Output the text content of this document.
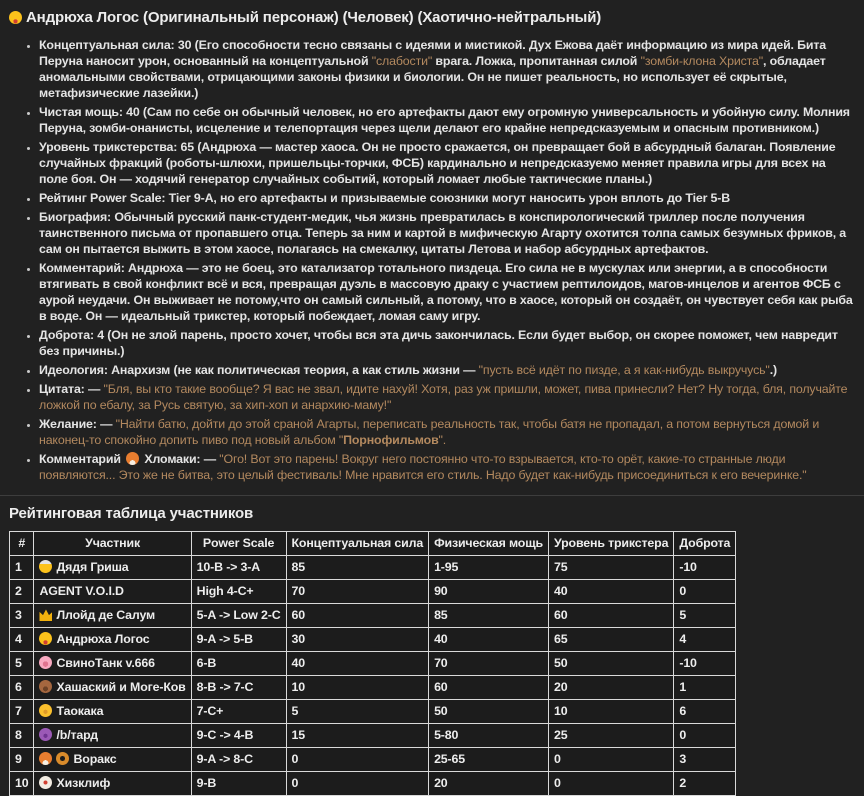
Андрюха Логос (Оригинальный персонаж) (Человек) (Хаотично-нейтральный)
• Концептуальная сила: 30 (Его способности тесно связаны с идеями и мистикой. Дух Ежова даёт информацию из мира идей. Бита Перуна наносит урон, основанный на концептуальной "слабости" врага. Ложка, пропитанная силой "зомби-клона Христа", обладает аномальными свойствами, отрицающими законы физики и биологии. Он не пишет реальность, но использует её скрытые, метафизические лазейки.)
• Чистая мощь: 40 (Сам по себе он обычный человек, но его артефакты дают ему огромную универсальность и убойную силу. Молния Перуна, зомби-онанисты, исцеление и телепортация через щели делают его крайне непредсказуемым и опасным противником.)
• Уровень трикстерства: 65 (Андрюха — мастер хаоса. Он не просто сражается, он превращает бой в абсурдный балаган. Появление случайных фракций (роботы-шлюхи, пришельцы-торчки, ФСБ) кардинально и непредсказуемо меняет правила игры для всех на поле боя. Он — ходячий генератор случайных событий, который ломает любые тактические планы.)
• Рейтинг Power Scale: Tier 9-A, но его артефакты и призываемые союзники могут наносить урон вплоть до Tier 5-B
• Биография: Обычный русский панк-студент-медик, чья жизнь превратилась в конспирологический триллер после получения таинственного письма от пропавшего отца. Теперь за ним и картой в мифическую Агарту охотится толпа самых безумных фриков, а сам он пытается выжить в этом хаосе, полагаясь на смекалку, цитаты Летова и набор абсурдных артефактов.
• Комментарий: Андрюха — это не боец, это катализатор тотального пиздеца. Его сила не в мускулах или энергии, а в способности втягивать в свой конфликт всё и вся, превращая дуэль в массовую драку с участием рептилоидов, магов-инцелов и агентов ФСБ с аурой неудачи. Он выживает не потому,что он самый сильный, а потому, что в хаосе, который он создаёт, он чувствует себя как рыба в воде. Он — идеальный трикстер, который побеждает, ломая саму игру.
• Доброта: 4 (Он не злой парень, просто хочет, чтобы вся эта дичь закончилась. Если будет выбор, он скорее поможет, чем навредит без причины.)
• Идеология: Анархизм (не как политическая теория, а как стиль жизни — "пусть всё идёт по пизде, а я как-нибудь выкручусь".)
• Цитата: — "Бля, вы кто такие вообще? Я вас не звал, идите нахуй! Хотя, раз уж пришли, может, пива принесли? Нет? Ну тогда, бля, получайте ложкой по ебалу, за Русь святую, за хип-хоп и анархию-маму!"
• Желание: — "Найти батю, дойти до этой сраной Агарты, переписать реальность так, чтобы батя не пропадал, а потом вернуться домой и наконец-то спокойно допить пиво под новый альбом "Порнофильмов".
• Комментарий  Хломаки: — "Ого! Вот это парень! Вокруг него постоянно что-то взрывается, кто-то орёт, какие-то странные люди появляются... Это же не битва, это целый фестиваль! Мне нравится его стиль. Надо будет как-нибудь присоединиться к его вечеринке."
Рейтинговая таблица участников
#	Участник	Power Scale	Концептуальная сила	Физическая мощь	Уровень трикстера	Доброта
1	Дядя Гриша	10-B -> 3-A	85	1-95	75	-10
2	AGENT V.O.I.D	High 4-C+	70	90	40	0
3	Ллойд де Салум	5-A -> Low 2-C	60	85	60	5
4	Андрюха Логос	9-A -> 5-B	30	40	65	4
5	СвиноТанк v.666	6-B	40	70	50	-10
6	Хашаский и Моге-Ков	8-B -> 7-C	10	60	20	1
7	Таокака	7-C+	5	50	10	6
8	/b/тард	9-C -> 4-B	15	5-80	25	0
9	Воракс	9-A -> 8-C	0	25-65	0	3
10	Хизклиф	9-B	0	20	0	2
